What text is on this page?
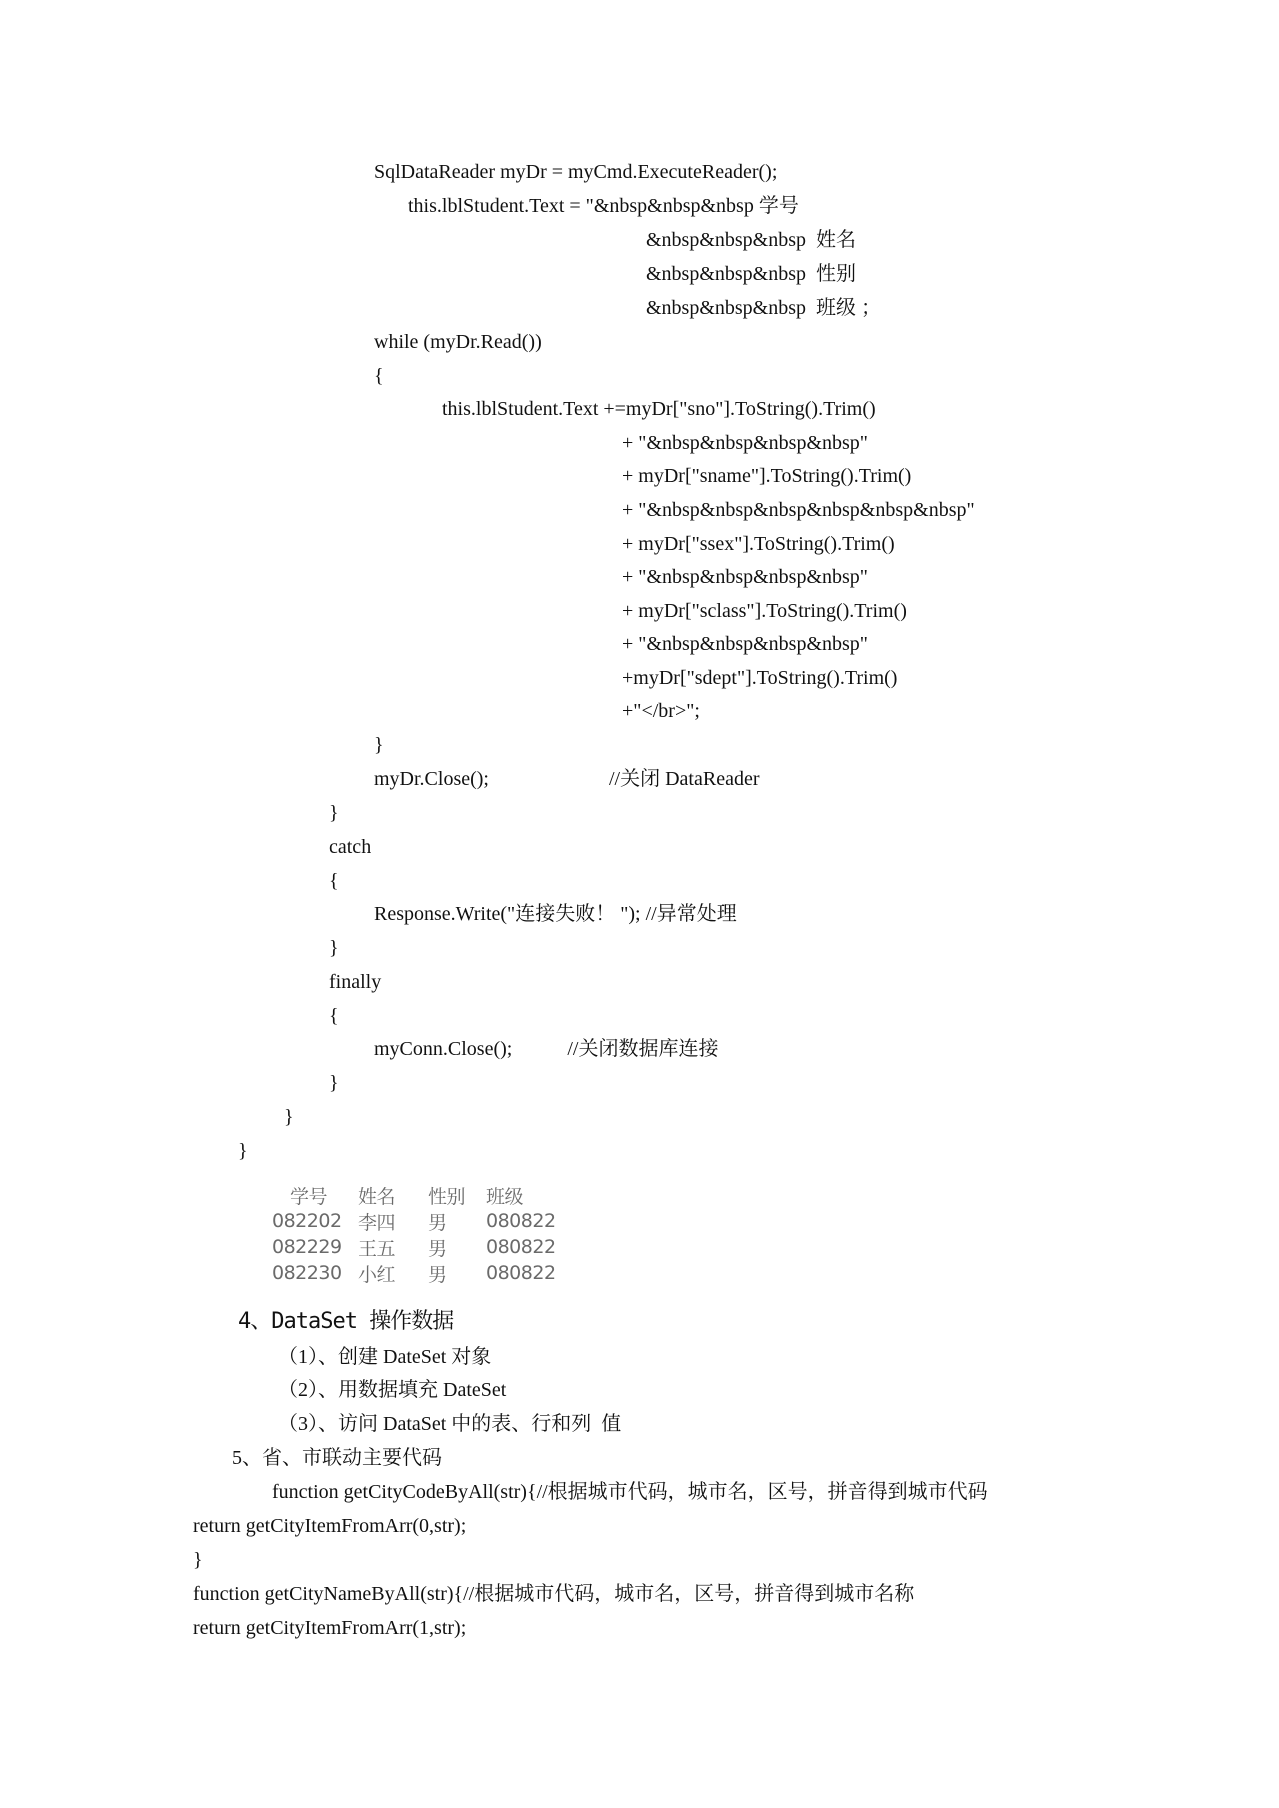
SqlDataReader myDr = myCmd.ExecuteReader();
this.lblStudent.Text = "&nbsp&nbsp&nbsp 学号
&nbsp&nbsp&nbsp  姓名
&nbsp&nbsp&nbsp  性别
&nbsp&nbsp&nbsp  班级 ；
while (myDr.Read())
{
this.lblStudent.Text +=myDr["sno"].ToString().Trim()
+ "&nbsp&nbsp&nbsp&nbsp"
+ myDr["sname"].ToString().Trim()
+ "&nbsp&nbsp&nbsp&nbsp&nbsp&nbsp"
+ myDr["ssex"].ToString().Trim()
+ "&nbsp&nbsp&nbsp&nbsp"
+ myDr["sclass"].ToString().Trim()
+ "&nbsp&nbsp&nbsp&nbsp"
+myDr["sdept"].ToString().Trim()
+"</br>";
}
myDr.Close();                        //关闭 DataReader
}
catch
{
Response.Write("连接失败！ "); //异常处理
}
finally
{
myConn.Close();           //关闭数据库连接
}
}
}
学号	姓名	性别	班级
082202 李四	男	080822
082229 王五	男	080822
082230 小红	男	080822
4、DataSet 操作数据
（1）、创建 DateSet 对象
（2）、用数据填充 DateSet
（3）、访问 DataSet 中的表、行和列  值
5、省、市联动主要代码
function getCityCodeByAll(str){//根据城市代码，城市名，区号，拼音得到城市代码
return getCityItemFromArr(0,str);
}
function getCityNameByAll(str){//根据城市代码，城市名，区号，拼音得到城市名称
return getCityItemFromArr(1,str);
